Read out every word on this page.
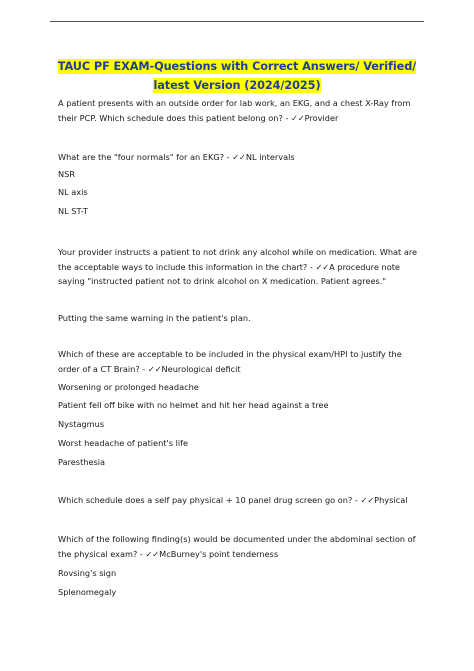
TAUC PF EXAM-Questions with Correct Answers/ Verified/ latest Version (2024/2025)

A patient presents with an outside order for lab work, an EKG, and a chest X-Ray from their PCP. Which schedule does this patient belong on? - ✓✓Provider

What are the "four normals" for an EKG? - ✓✓NL intervals

NSR

NL axis

NL ST-T

Your provider instructs a patient to not drink any alcohol while on medication. What are the acceptable ways to include this information in the chart? - ✓✓A procedure note saying "instructed patient not to drink alcohol on X medication. Patient agrees."

Putting the same warning in the patient's plan.

Which of these are acceptable to be included in the physical exam/HPI to justify the order of a CT Brain? - ✓✓Neurological deficit

Worsening or prolonged headache

Patient fell off bike with no helmet and hit her head against a tree

Nystagmus

Worst headache of patient's life

Paresthesia

Which schedule does a self pay physical + 10 panel drug screen go on? - ✓✓Physical

Which of the following finding(s) would be documented under the abdominal section of the physical exam? - ✓✓McBurney's point tenderness

Rovsing's sign

Splenomegaly
